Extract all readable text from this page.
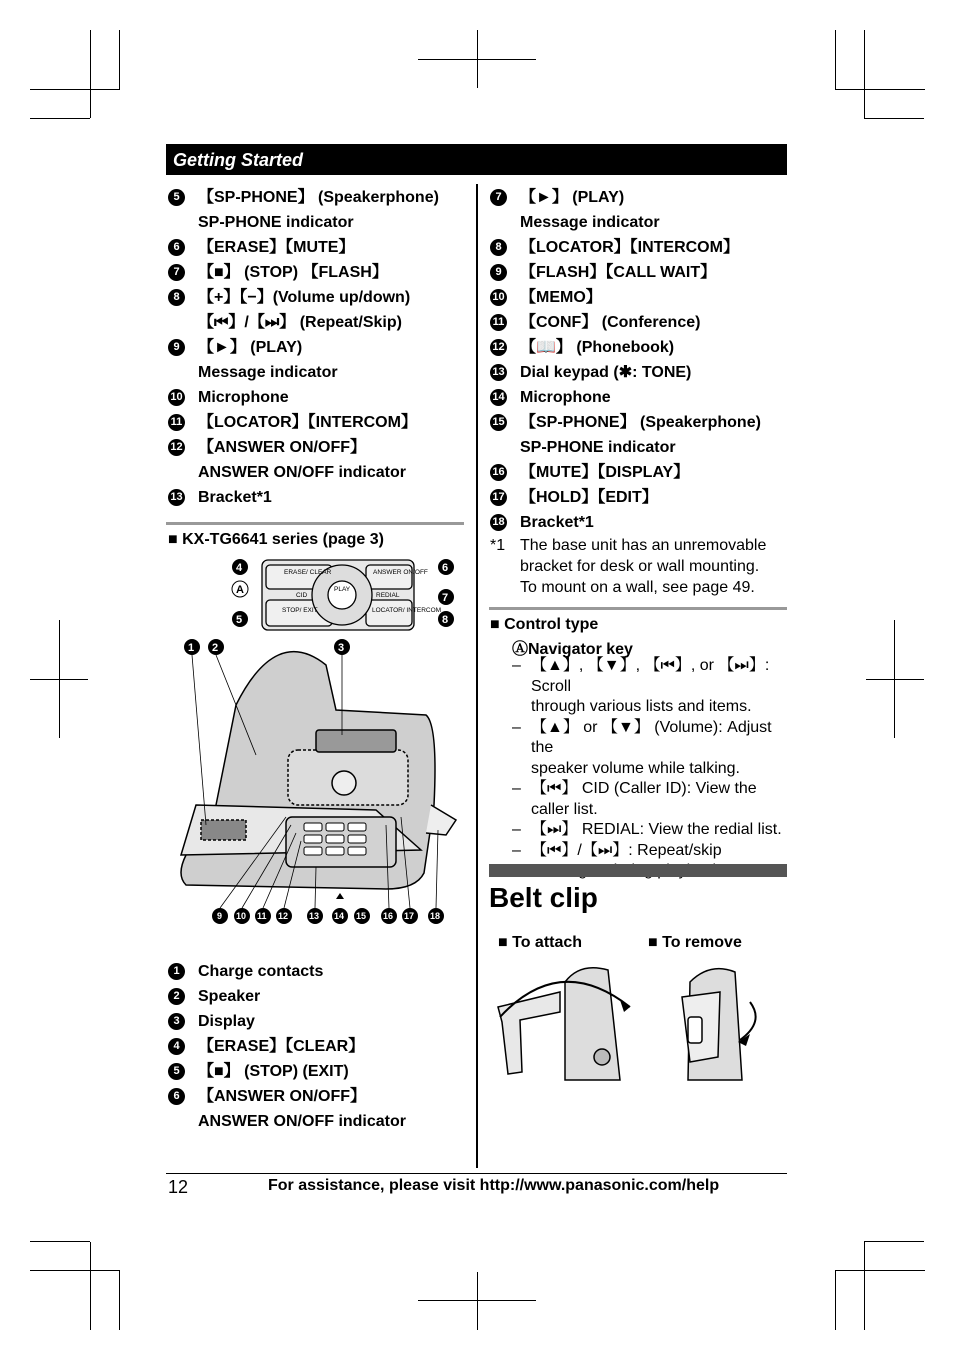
Getting Started
5	【SP-PHONE】 (Speakerphone)
SP-PHONE indicator
6	【ERASE】【MUTE】
7	【■】 (STOP) 【FLASH】
8	【+】【−】(Volume up/down)
【⏮】/【⏭】 (Repeat/Skip)
9	【►】 (PLAY)
Message indicator
10 Microphone
11 【LOCATOR】【INTERCOM】
12 【ANSWER ON/OFF】
ANSWER ON/OFF indicator
13 Bracket*1
■ KX-TG6641 series (page 3)
ERASE/ CLEAR	ANSWER ON/OFF
CID
PLAY
REDIAL
STOP/ EXIT	LOCATOR/ INTERCOM
4
A
5
6
7
8
1 2	3
9 10 11 12 13 14 15 16 17 18
1	Charge contacts
2	Speaker
3	Display
4	【ERASE】【CLEAR】
5	【■】 (STOP) (EXIT)
6	【ANSWER ON/OFF】
ANSWER ON/OFF indicator
7	【►】 (PLAY)
Message indicator
8	【LOCATOR】【INTERCOM】
9	【FLASH】【CALL WAIT】
10 【MEMO】
11 【CONF】 (Conference)
12 【📖】 (Phonebook)
13 Dial keypad (✱: TONE)
14 Microphone
15 【SP-PHONE】 (Speakerphone)
SP-PHONE indicator
16 【MUTE】【DISPLAY】
17 【HOLD】【EDIT】
18 Bracket*1
*1 The base unit has an unremovable
bracket for desk or wall mounting.
To mount on a wall, see page 49.
■ Control type
ⒶNavigator key
– 【▲】, 【▼】, 【⏮】, or 【⏭】: Scroll
through various lists and items.
– 【▲】 or 【▼】 (Volume): Adjust the
speaker volume while talking.
– 【⏮】 CID (Caller ID): View the
caller list.
– 【⏭】 REDIAL: View the redial list.
– 【⏮】/【⏭】: Repeat/skip
Belt clip
■ To attach	■ To remove
12	For assistance, please visit http://www.panasonic.com/help
